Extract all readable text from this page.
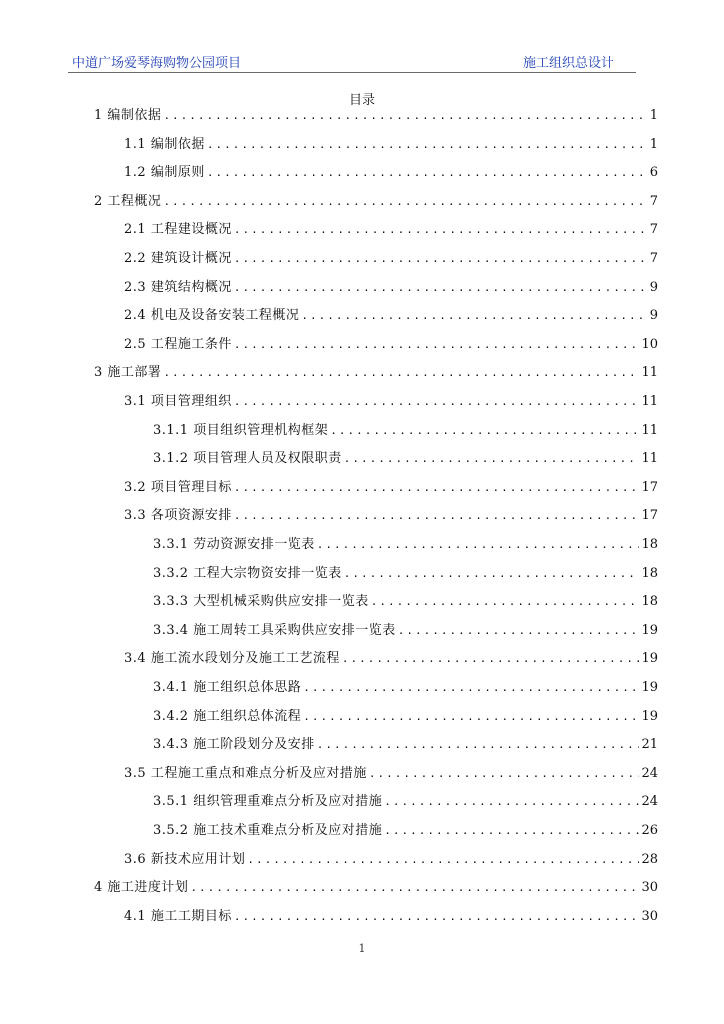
中道广场爱琴海购物公园项目	施工组织总设计
目录
1 编制依据 .....	1
1.1 编制依据 .....	1
1.2 编制原则 .....	6
2 工程概况 .....	7
2.1 工程建设概况 .....	7
2.2 建筑设计概况 .....	7
2.3 建筑结构概况 .....	9
2.4 机电及设备安装工程概况 .....	9
2.5 工程施工条件 .....	10
3 施工部署 .....	11
3.1 项目管理组织 .....	11
3.1.1 项目组织管理机构框架 .....	11
3.1.2 项目管理人员及权限职责 .....	11
3.2 项目管理目标 .....	17
3.3 各项资源安排 .....	17
3.3.1 劳动资源安排一览表 .....	18
3.3.2 工程大宗物资安排一览表 .....	18
3.3.3 大型机械采购供应安排一览表 .....	18
3.3.4 施工周转工具采购供应安排一览表 .....	19
3.4 施工流水段划分及施工工艺流程 .....	19
3.4.1 施工组织总体思路 .....	19
3.4.2 施工组织总体流程 .....	19
3.4.3 施工阶段划分及安排 .....	21
3.5 工程施工重点和难点分析及应对措施 .....	24
3.5.1 组织管理重难点分析及应对措施 .....	24
3.5.2 施工技术重难点分析及应对措施 .....	26
3.6 新技术应用计划 .....	28
4 施工进度计划 .....	30
4.1 施工工期目标 .....	30
1
